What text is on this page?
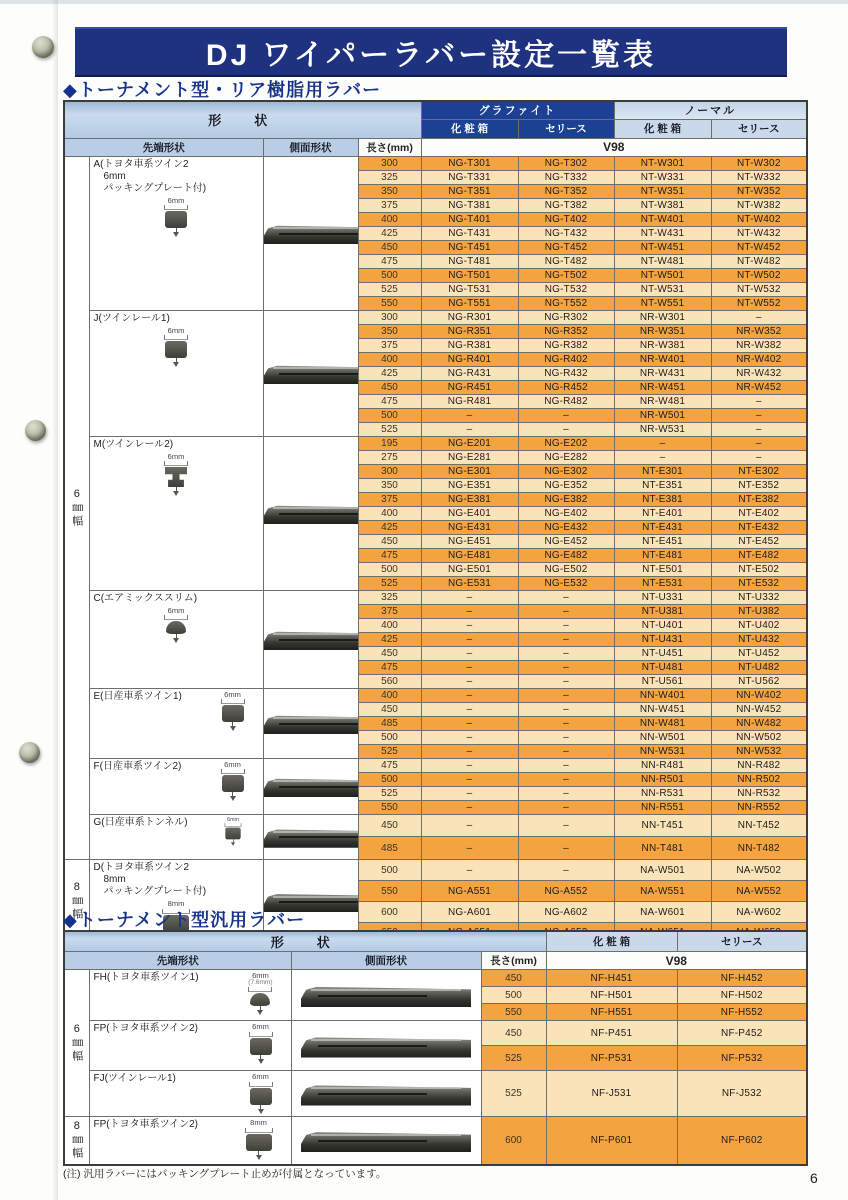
DJ ワイパーラバー設定一覧表
◆トーナメント型・リア樹脂用ラバー
形　状				グラファイト		ノーマル	
				化 粧 箱	セリース	化 粧 箱	セリース
先端形状		側面形状	長さ(mm)	V98			

6㎜幅	A(トヨタ車系ツイン2
　6mm
　パッキングプレート付)
6mm		300	NG-T301	NG-T302	NT-W301	NT-W302
			325	NG-T331	NG-T332	NT-W331	NT-W332
			350	NG-T351	NG-T352	NT-W351	NT-W352
			375	NG-T381	NG-T382	NT-W381	NT-W382
			400	NG-T401	NG-T402	NT-W401	NT-W402
			425	NG-T431	NG-T432	NT-W431	NT-W432
			450	NG-T451	NG-T452	NT-W451	NT-W452
			475	NG-T481	NG-T482	NT-W481	NT-W482
			500	NG-T501	NG-T502	NT-W501	NT-W502
			525	NG-T531	NG-T532	NT-W531	NT-W532
			550	NG-T551	NG-T552	NT-W551	NT-W552

	J(ツインレール1)
6mm		300	NG-R301	NG-R302	NR-W301	–
			350	NG-R351	NG-R352	NR-W351	NR-W352
			375	NG-R381	NG-R382	NR-W381	NR-W382
			400	NG-R401	NG-R402	NR-W401	NR-W402
			425	NG-R431	NG-R432	NR-W431	NR-W432
			450	NG-R451	NG-R452	NR-W451	NR-W452
			475	NG-R481	NG-R482	NR-W481	–
			500	–	–	NR-W501	–
			525	–	–	NR-W531	–

	M(ツインレール2)
6mm		195	NG-E201	NG-E202	–	–
			275	NG-E281	NG-E282	–	–
			300	NG-E301	NG-E302	NT-E301	NT-E302
			350	NG-E351	NG-E352	NT-E351	NT-E352
			375	NG-E381	NG-E382	NT-E381	NT-E382
			400	NG-E401	NG-E402	NT-E401	NT-E402
			425	NG-E431	NG-E432	NT-E431	NT-E432
			450	NG-E451	NG-E452	NT-E451	NT-E452
			475	NG-E481	NG-E482	NT-E481	NT-E482
			500	NG-E501	NG-E502	NT-E501	NT-E502
			525	NG-E531	NG-E532	NT-E531	NT-E532

	C(エアミックススリム)
6mm		325	–	–	NT-U331	NT-U332
			375	–	–	NT-U381	NT-U382
			400	–	–	NT-U401	NT-U402
			425	–	–	NT-U431	NT-U432
			450	–	–	NT-U451	NT-U452
			475	–	–	NT-U481	NT-U482
			560	–	–	NT-U561	NT-U562

	E(日産車系ツイン1) 6mm		400	–	–	NN-W401	NN-W402
			450	–	–	NN-W451	NN-W452
			485	–	–	NN-W481	NN-W482
			500	–	–	NN-W501	NN-W502
			525	–	–	NN-W531	NN-W532

	F(日産車系ツイン2) 6mm		475	–	–	NN-R481	NN-R482
			500	–	–	NN-R501	NN-R502
			525	–	–	NN-R531	NN-R532
			550	–	–	NN-R551	NN-R552

	G(日産車系トンネル) 6mm		450	–	–	NN-T451	NN-T452
			485	–	–	NN-T481	NN-T482

8㎜幅	D(トヨタ車系ツイン2
　8mm
　パッキングプレート付)
8mm		500	–	–	NA-W501	NA-W502
			550	NG-A551	NG-A552	NA-W551	NA-W552
			600	NG-A601	NG-A602	NA-W601	NA-W602

◆トーナメント型汎用ラバー
形　状				化 粧 箱	セリース
先端形状		側面形状	長さ(mm)	V98	

6㎜幅	FH(トヨタ車系ツイン1) 6mm
(7.6mm)		450	NF-H451	NF-H452
			500	NF-H501	NF-H502
			550	NF-H551	NF-H552

	FP(トヨタ車系ツイン2) 6mm		450	NF-P451	NF-P452
			525	NF-P531	NF-P532

	FJ(ツインレール1) 6mm		525	NF-J531	NF-J532

8㎜幅	FP(トヨタ車系ツイン2) 8mm		600	NF-P601	NF-P602
(注) 汎用ラバーにはパッキングプレート止めが付属となっています。	6
